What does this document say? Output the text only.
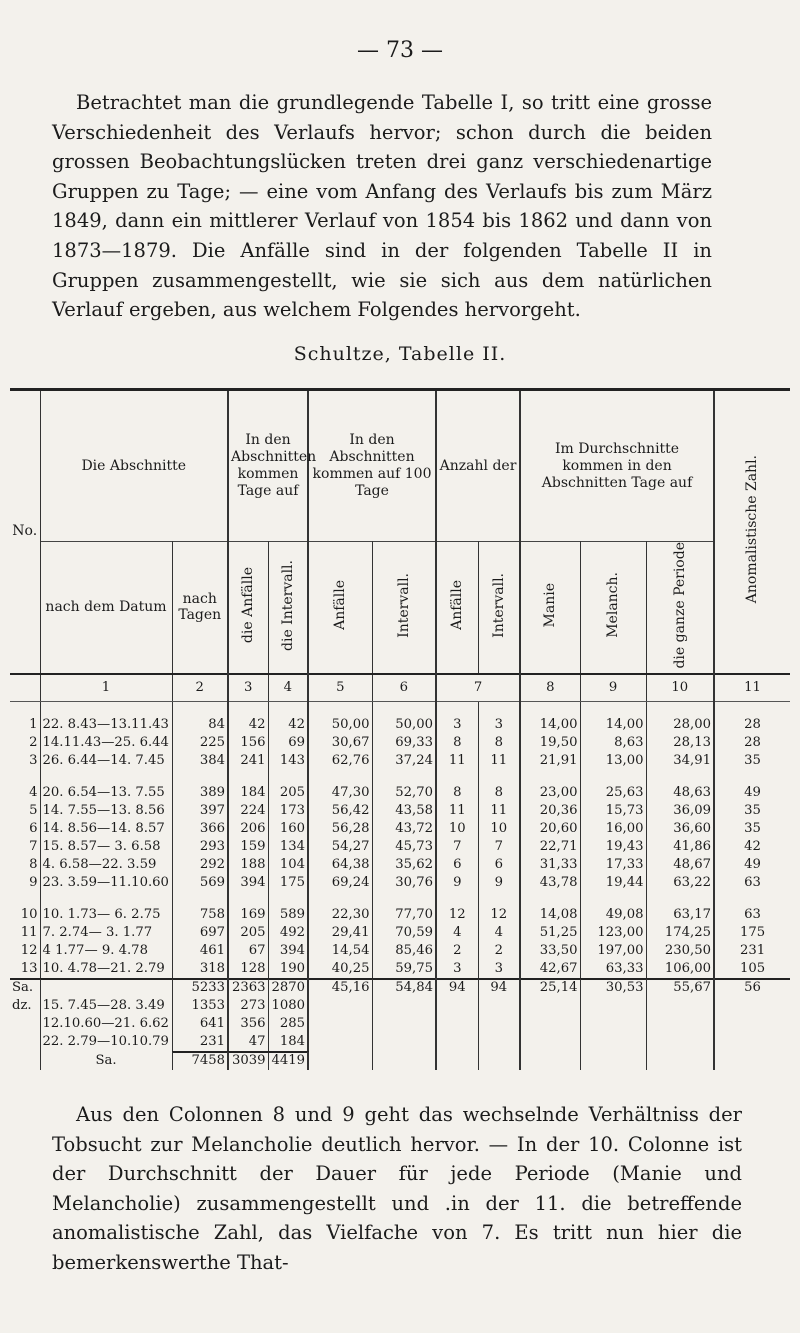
— 73 —
Betrachtet man die grundlegende Tabelle I, so tritt eine grosse Verschiedenheit des Verlaufs hervor; schon durch die beiden grossen Beobachtungslücken treten drei ganz verschiedenartige Gruppen zu Tage; — eine vom Anfang des Verlaufs bis zum März 1849, dann ein mittlerer Verlauf von 1854 bis 1862 und dann von 1873—1879. Die Anfälle sind in der folgenden Tabelle II in Gruppen zusammengestellt, wie sie sich aus dem natürlichen Verlauf ergeben, aus welchem Folgendes hervorgeht.
Schultze, Tabelle II.
No.	Die Abschnitte		In den Abschnitten kommen Tage auf		In den Abschnitten kommen auf 100 Tage		Anzahl der		Im Durchschnitte kommen in den Abschnitten Tage auf			Anomalistische Zahl.
	nach dem Datum	nach Tagen	die Anfälle	die Intervall.	Anfälle	Intervall.	Anfälle	Intervall.	Manie	Melanch.	die ganze Periode	
	1	2	3	4	5	6	7		8	9	10	11

1	22. 8.43—13.11.43	84	42	42	50,00	50,00	3	3	14,00	14,00	28,00	28
2	14.11.43—25. 6.44	225	156	69	30,67	69,33	8	8	19,50	8,63	28,13	28
3	26. 6.44—14. 7.45	384	241	143	62,76	37,24	11	11	21,91	13,00	34,91	35

4	20. 6.54—13. 7.55	389	184	205	47,30	52,70	8	8	23,00	25,63	48,63	49
5	14. 7.55—13. 8.56	397	224	173	56,42	43,58	11	11	20,36	15,73	36,09	35
6	14. 8.56—14. 8.57	366	206	160	56,28	43,72	10	10	20,60	16,00	36,60	35
7	15. 8.57— 3. 6.58	293	159	134	54,27	45,73	7	7	22,71	19,43	41,86	42
8	4. 6.58—22. 3.59	292	188	104	64,38	35,62	6	6	31,33	17,33	48,67	49
9	23. 3.59—11.10.60	569	394	175	69,24	30,76	9	9	43,78	19,44	63,22	63

10	10. 1.73— 6. 2.75	758	169	589	22,30	77,70	12	12	14,08	49,08	63,17	63
11	7. 2.74— 3. 1.77	697	205	492	29,41	70,59	4	4	51,25	123,00	174,25	175
12	4 1.77— 9. 4.78	461	67	394	14,54	85,46	2	2	33,50	197,00	230,50	231
13	10. 4.78—21. 2.79	318	128	190	40,25	59,75	3	3	42,67	63,33	106,00	105

Sa.		5233	2363	2870	45,16	54,84	94	94	25,14	30,53	55,67	56
dz.	15. 7.45—28. 3.49	1353	273	1080								
	12.10.60—21. 6.62	641	356	285								
	22. 2.79—10.10.79	231	47	184								

	Sa.	7458	3039	4419								
Aus den Colonnen 8 und 9 geht das wechselnde Verhältniss der Tobsucht zur Melancholie deutlich hervor. — In der 10. Colonne ist der Durchschnitt der Dauer für jede Periode (Manie und Melancholie) zusammengestellt und .in der 11. die betreffende anomalistische Zahl, das Vielfache von 7. Es tritt nun hier die bemerkenswerthe That-
